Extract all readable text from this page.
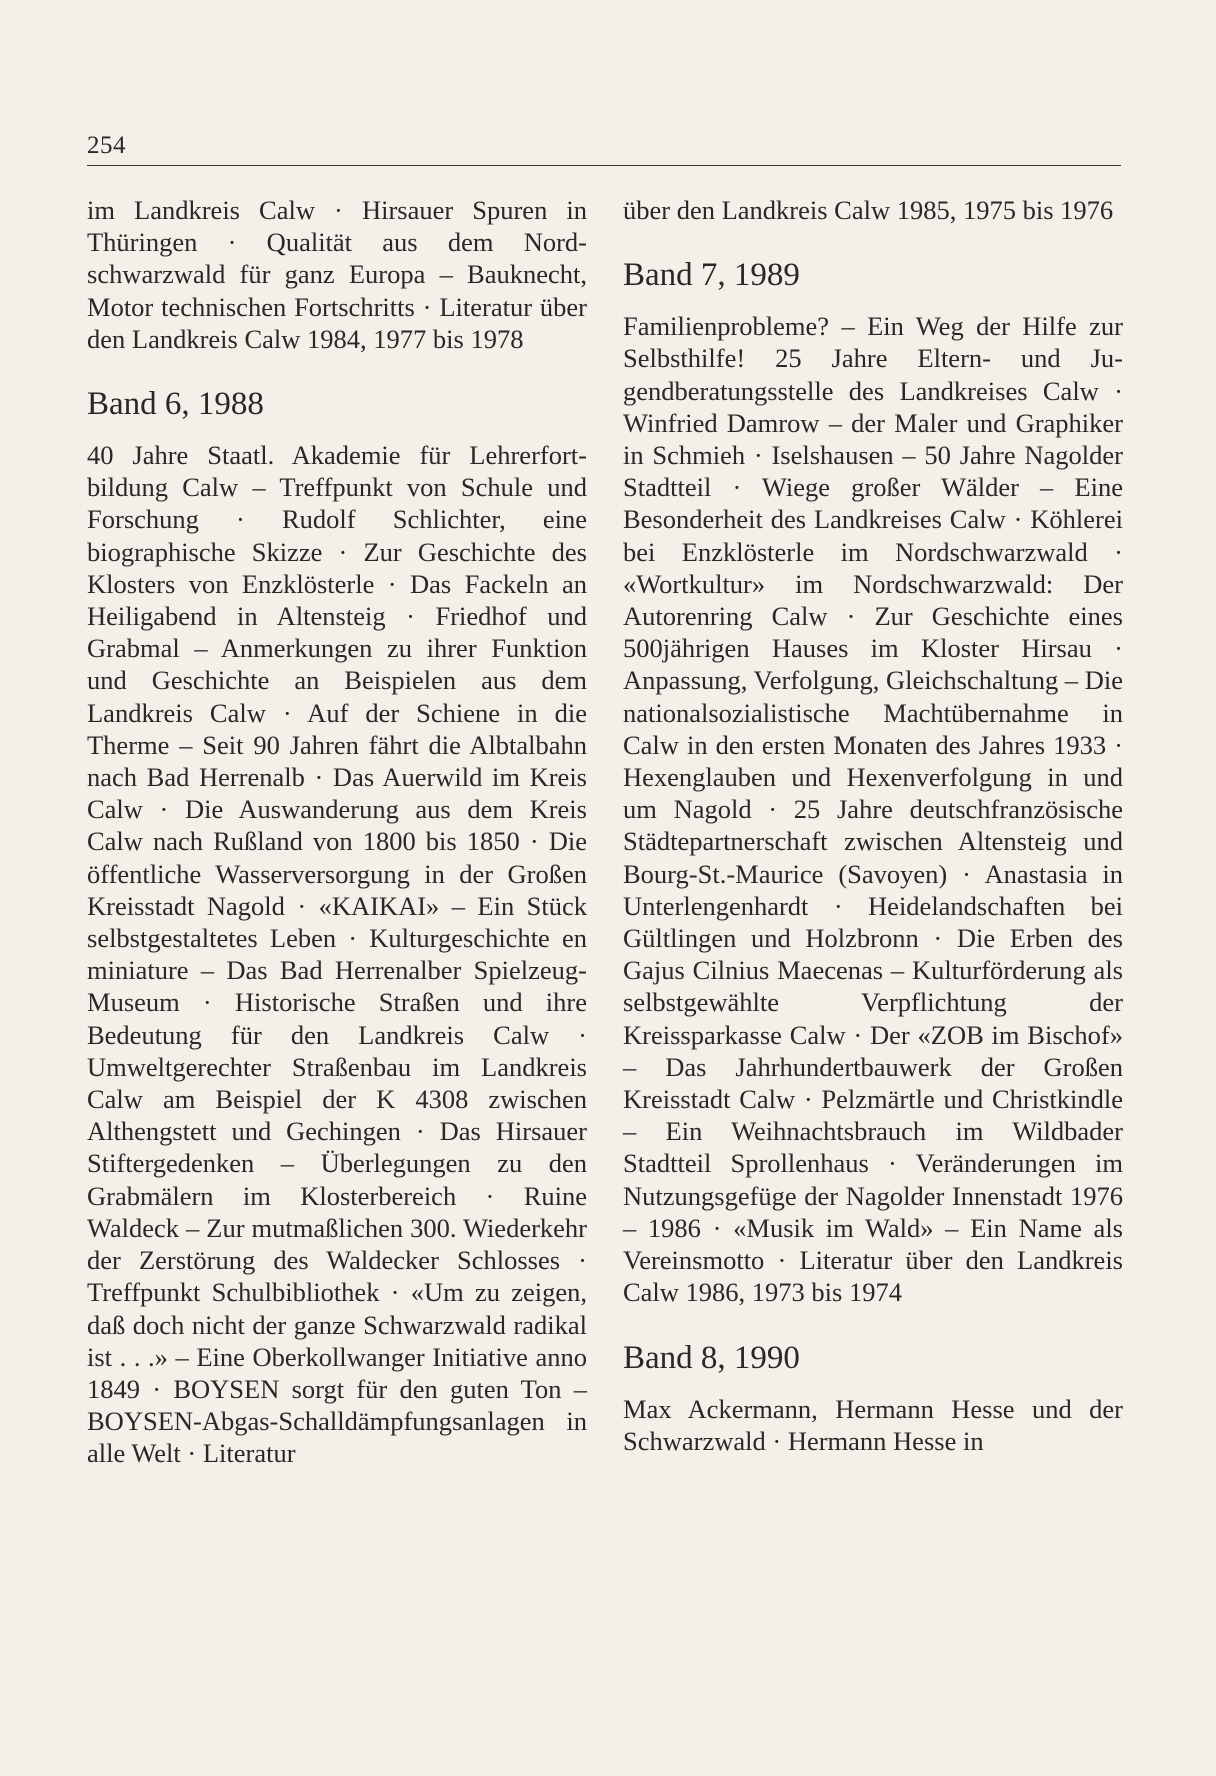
254

im Landkreis Calw · Hirsauer Spuren in Thüringen · Qualität aus dem Nordschwarzwald für ganz Europa – Bauknecht, Motor technischen Fortschritts · Literatur über den Landkreis Calw 1984, 1977 bis 1978

Band 6, 1988

40 Jahre Staatl. Akademie für Lehrerfortbildung Calw – Treffpunkt von Schule und Forschung · Rudolf Schlichter, eine biographische Skizze · Zur Geschichte des Klosters von Enzklösterle · Das Fackeln an Heiligabend in Altensteig · Friedhof und Grabmal – Anmerkungen zu ihrer Funktion und Geschichte an Beispielen aus dem Landkreis Calw · Auf der Schiene in die Therme – Seit 90 Jahren fährt die Albtalbahn nach Bad Herrenalb · Das Auerwild im Kreis Calw · Die Auswanderung aus dem Kreis Calw nach Rußland von 1800 bis 1850 · Die öffentliche Wasserversorgung in der Großen Kreisstadt Nagold · «KAIKAI» – Ein Stück selbstgestaltetes Leben · Kulturgeschichte en miniature – Das Bad Herrenalber Spielzeug-Museum · Historische Straßen und ihre Bedeutung für den Landkreis Calw · Umweltgerechter Straßenbau im Landkreis Calw am Beispiel der K 4308 zwischen Althengstett und Gechingen · Das Hirsauer Stiftergedenken – Überlegungen zu den Grabmälern im Klosterbereich · Ruine Waldeck – Zur mutmaßlichen 300. Wiederkehr der Zerstörung des Waldecker Schlosses · Treffpunkt Schulbibliothek · «Um zu zeigen, daß doch nicht der ganze Schwarzwald radikal ist . . .» – Eine Oberkollwanger Initiative anno 1849 · BOYSEN sorgt für den guten Ton – BOYSEN-Abgas-Schalldämpfungsanlagen in alle Welt · Literatur

über den Landkreis Calw 1985, 1975 bis 1976

Band 7, 1989

Familienprobleme? – Ein Weg der Hilfe zur Selbsthilfe! 25 Jahre Eltern- und Jugendberatungsstelle des Landkreises Calw · Winfried Damrow – der Maler und Graphiker in Schmieh · Iselshausen – 50 Jahre Nagolder Stadtteil · Wiege großer Wälder – Eine Besonderheit des Landkreises Calw · Köhlerei bei Enzklösterle im Nordschwarzwald · «Wortkultur» im Nordschwarzwald: Der Autorenring Calw · Zur Geschichte eines 500jährigen Hauses im Kloster Hirsau · Anpassung, Verfolgung, Gleichschaltung – Die nationalsozialistische Machtübernahme in Calw in den ersten Monaten des Jahres 1933 · Hexenglauben und Hexenverfolgung in und um Nagold · 25 Jahre deutschfranzösische Städtepartnerschaft zwischen Altensteig und Bourg-St.-Maurice (Savoyen) · Anastasia in Unterlengenhardt · Heidelandschaften bei Gültlingen und Holzbronn · Die Erben des Gajus Cilnius Maecenas – Kulturförderung als selbstgewählte Verpflichtung der Kreissparkasse Calw · Der «ZOB im Bischof» – Das Jahrhundertbauwerk der Großen Kreisstadt Calw · Pelzmärtle und Christkindle – Ein Weihnachtsbrauch im Wildbader Stadtteil Sprollenhaus · Veränderungen im Nutzungsgefüge der Nagolder Innenstadt 1976 – 1986 · «Musik im Wald» – Ein Name als Vereinsmotto · Literatur über den Landkreis Calw 1986, 1973 bis 1974

Band 8, 1990

Max Ackermann, Hermann Hesse und der Schwarzwald · Hermann Hesse in
